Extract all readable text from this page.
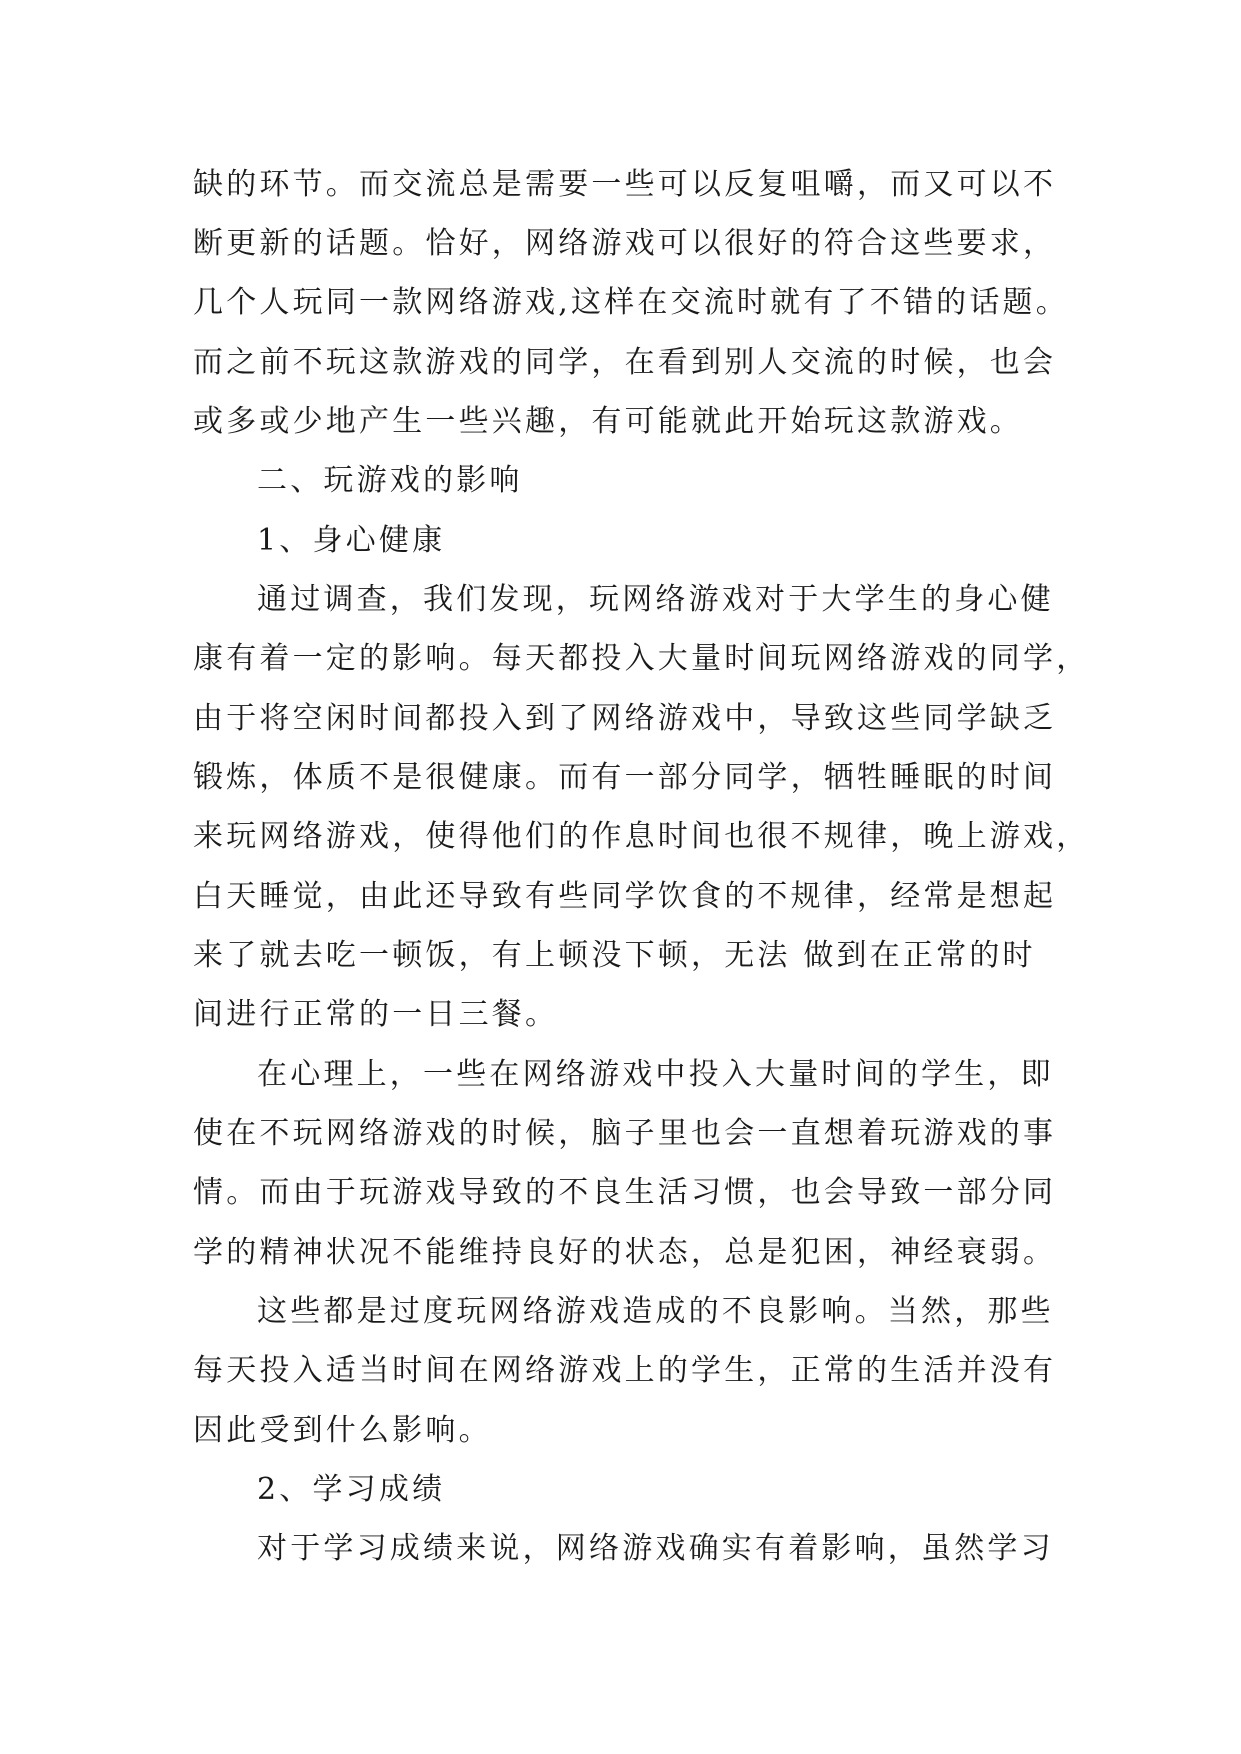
缺的环节。而交流总是需要一些可以反复咀嚼，而又可以不
断更新的话题。恰好，网络游戏可以很好的符合这些要求，
几个人玩同一款网络游戏,这样在交流时就有了不错的话题。
而之前不玩这款游戏的同学，在看到别人交流的时候，也会
或多或少地产生一些兴趣，有可能就此开始玩这款游戏。
二、玩游戏的影响
1、身心健康
通过调查，我们发现，玩网络游戏对于大学生的身心健
康有着一定的影响。每天都投入大量时间玩网络游戏的同学，
由于将空闲时间都投入到了网络游戏中，导致这些同学缺乏
锻炼，体质不是很健康。而有一部分同学，牺牲睡眠的时间
来玩网络游戏，使得他们的作息时间也很不规律，晚上游戏，
白天睡觉，由此还导致有些同学饮食的不规律，经常是想起
来了就去吃一顿饭，有上顿没下顿，无法 做到在正常的时
间进行正常的一日三餐。
在心理上，一些在网络游戏中投入大量时间的学生，即
使在不玩网络游戏的时候，脑子里也会一直想着玩游戏的事
情。而由于玩游戏导致的不良生活习惯，也会导致一部分同
学的精神状况不能维持良好的状态，总是犯困，神经衰弱。
这些都是过度玩网络游戏造成的不良影响。当然，那些
每天投入适当时间在网络游戏上的学生，正常的生活并没有
因此受到什么影响。
2、学习成绩
对于学习成绩来说，网络游戏确实有着影响，虽然学习
